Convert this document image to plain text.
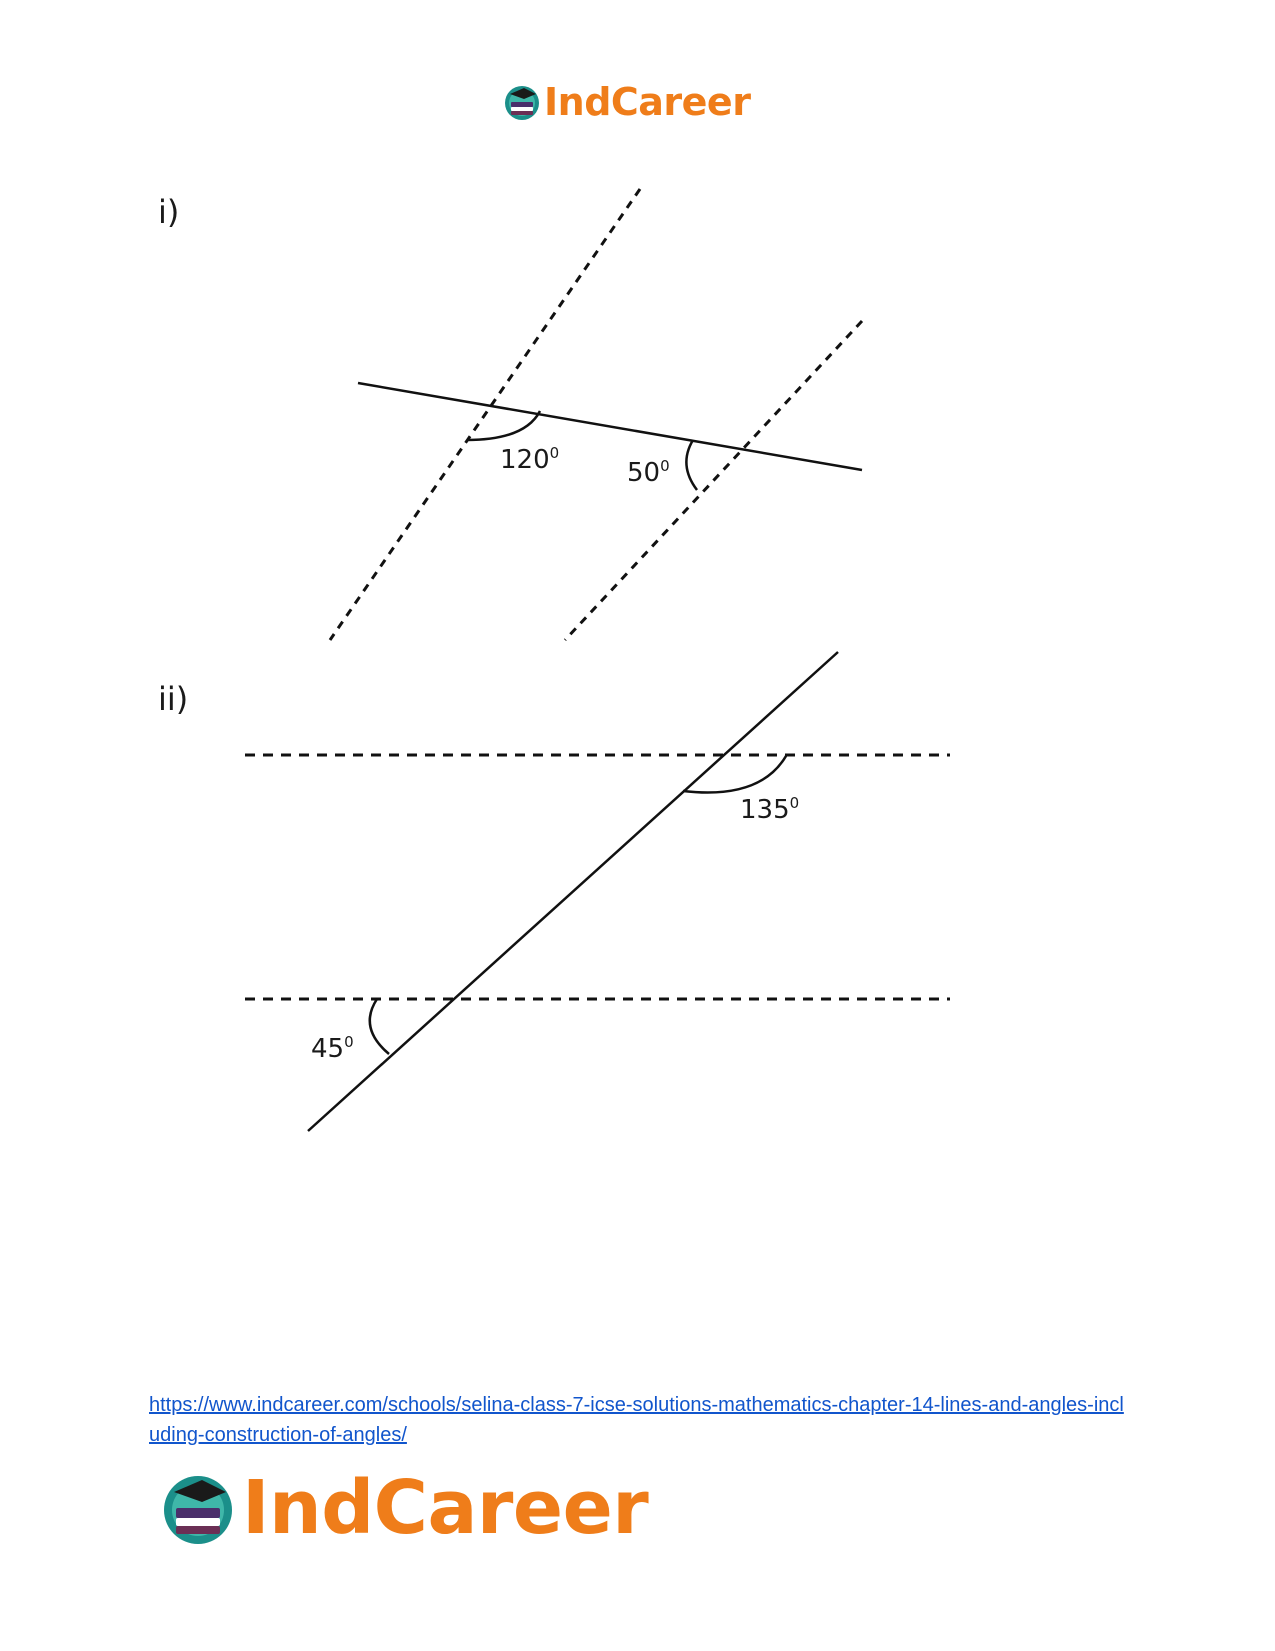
IndCareer
i)
ii)
$120^0$
$50^0$
$135^0$
$45^0$
https://www.indcareer.com/schools/selina-class-7-icse-solutions-mathematics-chapter-14-lines-and-angles-including-construction-of-angles/
IndCareer
